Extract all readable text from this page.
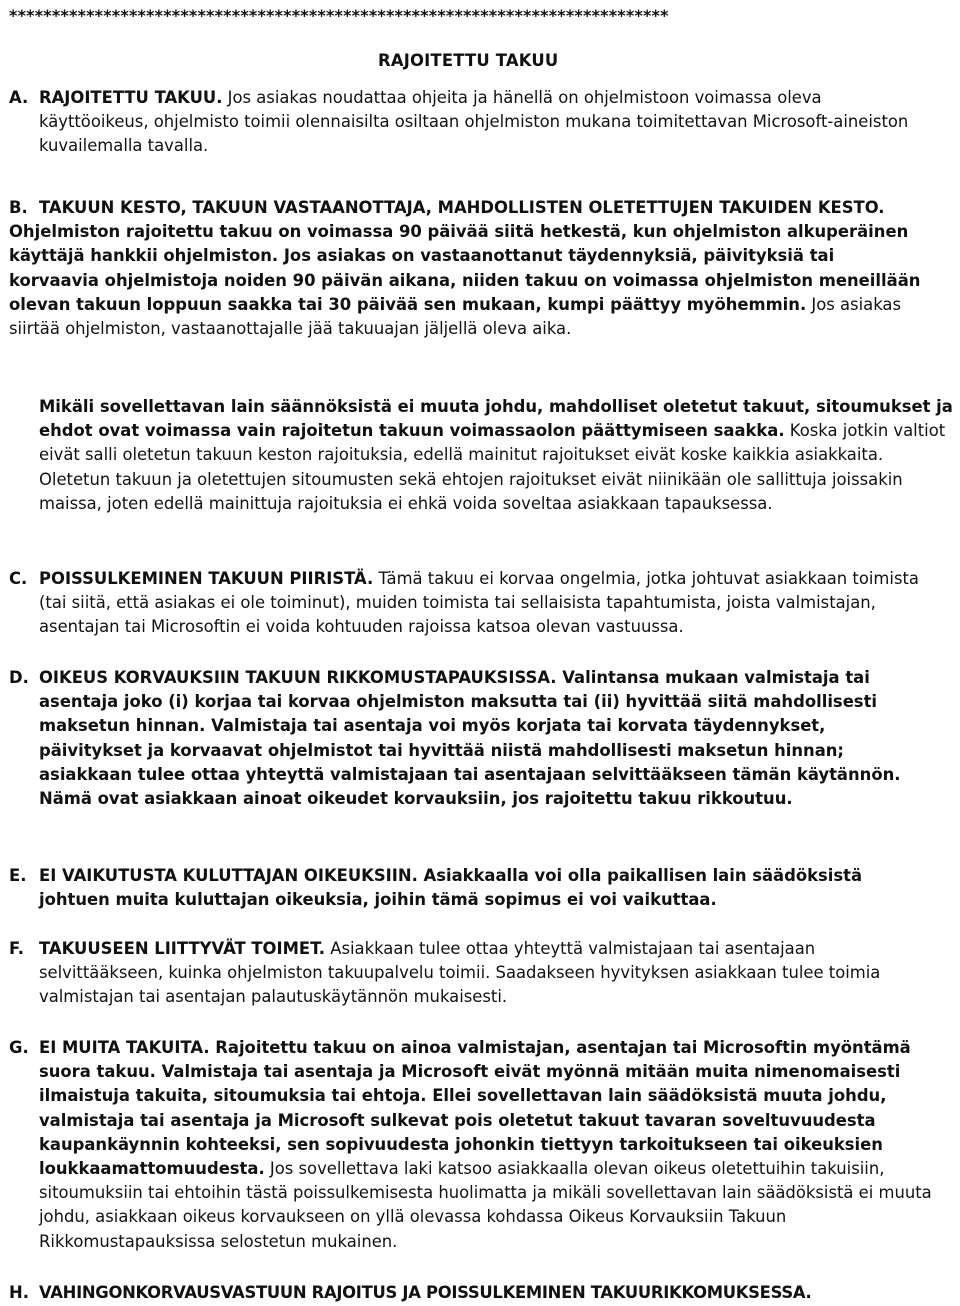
*****************************************************************************
RAJOITETTU TAKUU
A. RAJOITETTU TAKUU. Jos asiakas noudattaa ohjeita ja hänellä on ohjelmistoon voimassa oleva käyttöoikeus, ohjelmisto toimii olennaisilta osiltaan ohjelmiston mukana toimitettavan Microsoft-aineiston kuvailemalla tavalla.

B. TAKUUN KESTO, TAKUUN VASTAANOTTAJA, MAHDOLLISTEN OLETETTUJEN TAKUIDEN KESTO. Ohjelmiston rajoitettu takuu on voimassa 90 päivää siitä hetkestä, kun ohjelmiston alkuperäinen käyttäjä hankkii ohjelmiston. Jos asiakas on vastaanottanut täydennyksiä, päivityksiä tai korvaavia ohjelmistoja noiden 90 päivän aikana, niiden takuu on voimassa ohjelmiston meneillään olevan takuun loppuun saakka tai 30 päivää sen mukaan, kumpi päättyy myöhemmin. Jos asiakas siirtää ohjelmiston, vastaanottajalle jää takuuajan jäljellä oleva aika.

Mikäli sovellettavan lain säännöksistä ei muuta johdu, mahdolliset oletetut takuut, sitoumukset ja ehdot ovat voimassa vain rajoitetun takuun voimassaolon päättymiseen saakka. Koska jotkin valtiot eivät salli oletetun takuun keston rajoituksia, edellä mainitut rajoitukset eivät koske kaikkia asiakkaita. Oletetun takuun ja oletettujen sitoumusten sekä ehtojen rajoitukset eivät niinikään ole sallittuja joissakin maissa, joten edellä mainittuja rajoituksia ei ehkä voida soveltaa asiakkaan tapauksessa.

C. POISSULKEMINEN TAKUUN PIIRISTÄ. Tämä takuu ei korvaa ongelmia, jotka johtuvat asiakkaan toimista (tai siitä, että asiakas ei ole toiminut), muiden toimista tai sellaisista tapahtumista, joista valmistajan, asentajan tai Microsoftin ei voida kohtuuden rajoissa katsoa olevan vastuussa.

D. OIKEUS KORVAUKSIIN TAKUUN RIKKOMUSTAPAUKSISSA. Valintansa mukaan valmistaja tai asentaja joko (i) korjaa tai korvaa ohjelmiston maksutta tai (ii) hyvittää siitä mahdollisesti maksetun hinnan. Valmistaja tai asentaja voi myös korjata tai korvata täydennykset, päivitykset ja korvaavat ohjelmistot tai hyvittää niistä mahdollisesti maksetun hinnan; asiakkaan tulee ottaa yhteyttä valmistajaan tai asentajaan selvittääkseen tämän käytännön. Nämä ovat asiakkaan ainoat oikeudet korvauksiin, jos rajoitettu takuu rikkoutuu.

E. EI VAIKUTUSTA KULUTTAJAN OIKEUKSIIN. Asiakkaalla voi olla paikallisen lain säädöksistä johtuen muita kuluttajan oikeuksia, joihin tämä sopimus ei voi vaikuttaa.

F. TAKUUSEEN LIITTYVÄT TOIMET. Asiakkaan tulee ottaa yhteyttä valmistajaan tai asentajaan selvittääkseen, kuinka ohjelmiston takuupalvelu toimii. Saadakseen hyvityksen asiakkaan tulee toimia valmistajan tai asentajan palautuskäytännön mukaisesti.

G. EI MUITA TAKUITA. Rajoitettu takuu on ainoa valmistajan, asentajan tai Microsoftin myöntämä suora takuu. Valmistaja tai asentaja ja Microsoft eivät myönnä mitään muita nimenomaisesti ilmaistuja takuita, sitoumuksia tai ehtoja. Ellei sovellettavan lain säädöksistä muuta johdu, valmistaja tai asentaja ja Microsoft sulkevat pois oletetut takuut tavaran soveltuvuudesta kaupankäynnin kohteeksi, sen sopivuudesta johonkin tiettyyn tarkoitukseen tai oikeuksien loukkaamattomuudesta. Jos sovellettava laki katsoo asiakkaalla olevan oikeus oletettuihin takuisiin, sitoumuksiin tai ehtoihin tästä poissulkemisesta huolimatta ja mikäli sovellettavan lain säädöksistä ei muuta johdu, asiakkaan oikeus korvaukseen on yllä olevassa kohdassa Oikeus Korvauksiin Takuun Rikkomustapauksissa selostetun mukainen.

H. VAHINGONKORVAUSVASTUUN RAJOITUS JA POISSULKEMINEN TAKUURIKKOMUKSESSA.
